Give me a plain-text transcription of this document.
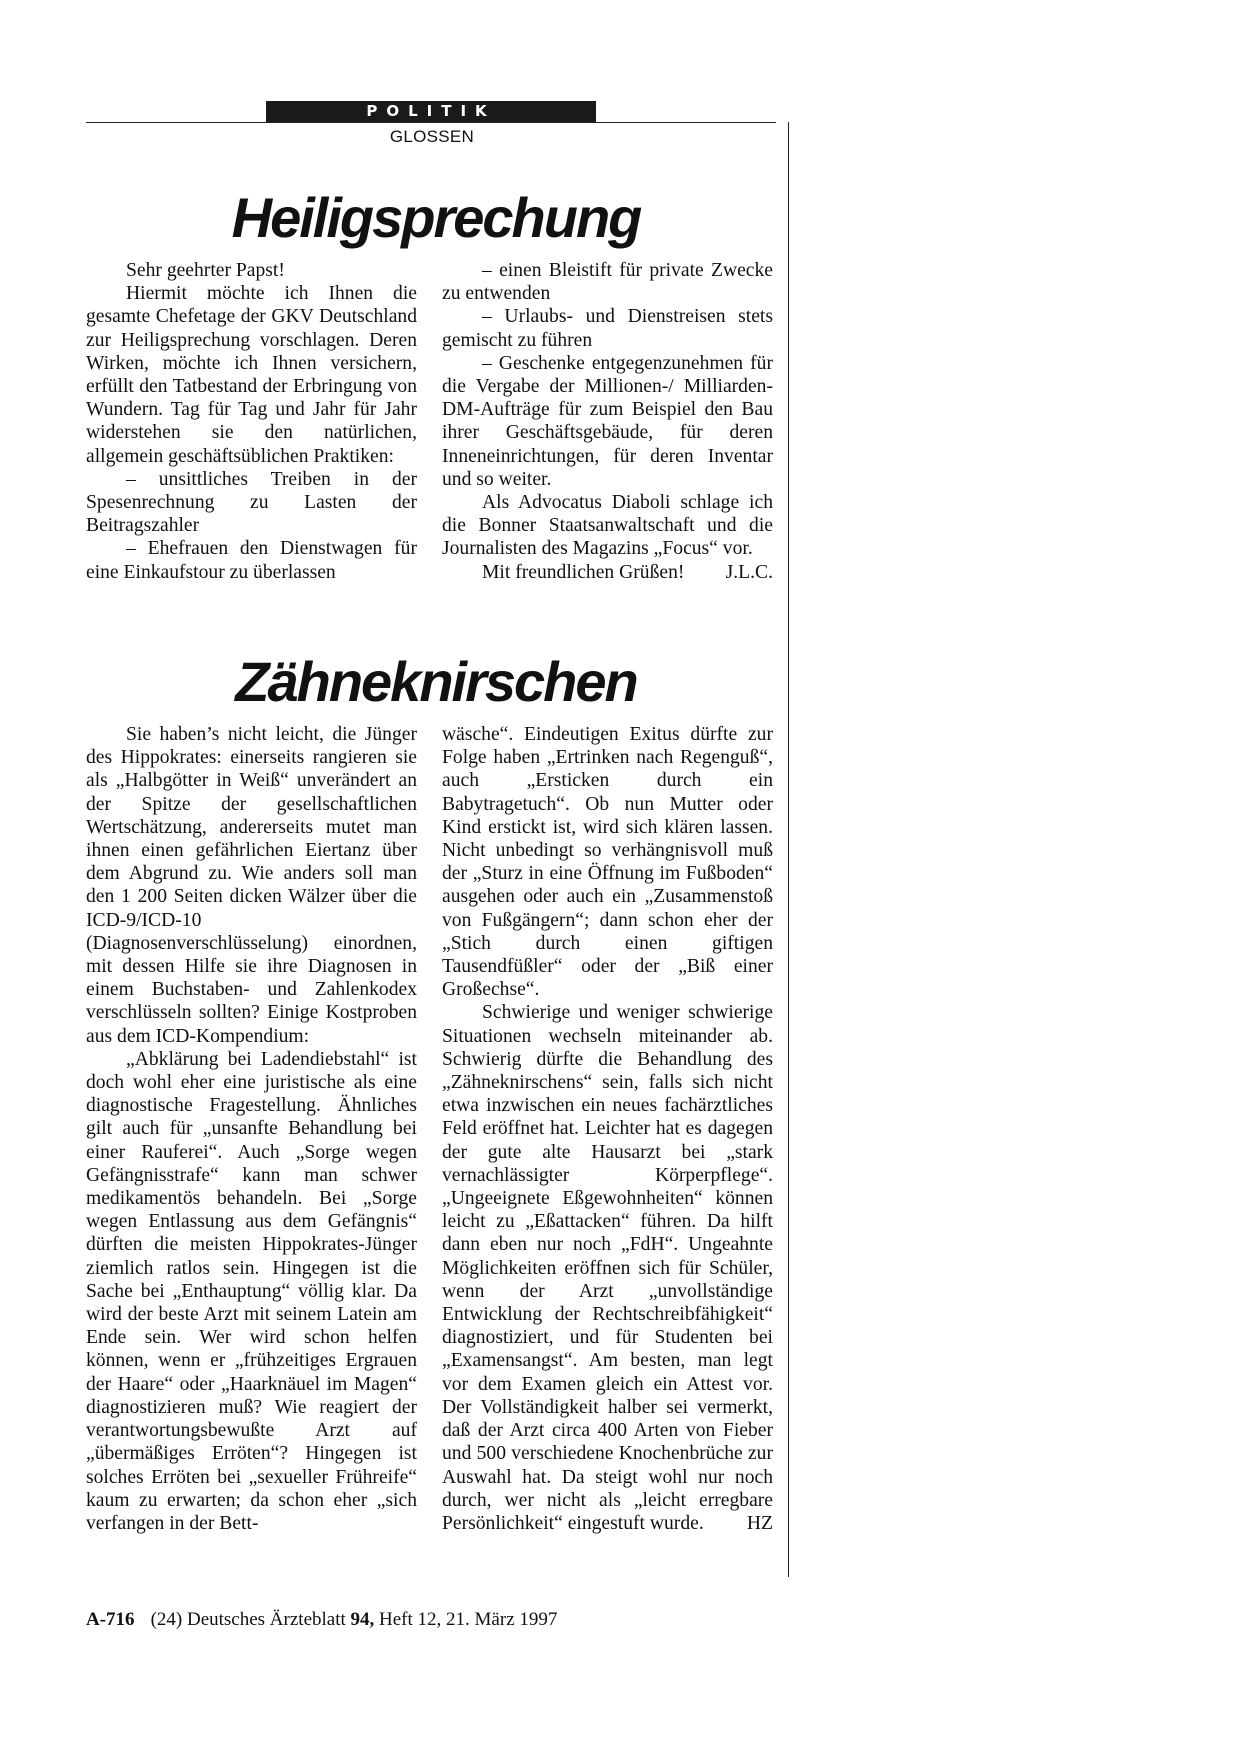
POLITIK
GLOSSEN
Heiligsprechung

Sehr geehrter Papst!

Hiermit möchte ich Ihnen die gesamte Chefetage der GKV Deutschland zur Heiligsprechung vorschlagen. Deren Wirken, möchte ich Ihnen versichern, erfüllt den Tatbestand der Erbringung von Wundern. Tag für Tag und Jahr für Jahr widerstehen sie den natürlichen, allgemein geschäftsüblichen Praktiken:

– unsittliches Treiben in der Spesenrechnung zu Lasten der Beitragszahler

– Ehefrauen den Dienstwagen für eine Einkaufstour zu überlassen

– einen Bleistift für private Zwecke zu entwenden

– Urlaubs- und Dienstreisen stets gemischt zu führen

– Geschenke entgegenzunehmen für die Vergabe der Millionen-/ Milliarden-DM-Aufträge für zum Beispiel den Bau ihrer Geschäftsgebäude, für deren Inneneinrichtungen, für deren Inventar und so weiter.

Als Advocatus Diaboli schlage ich die Bonner Staatsanwaltschaft und die Journalisten des Magazins „Focus“ vor.

Mit freundlichen Grüßen!	J.L.C.

Zähneknirschen

Sie haben’s nicht leicht, die Jünger des Hippokrates: einerseits rangieren sie als „Halbgötter in Weiß“ unverändert an der Spitze der gesellschaftlichen Wertschätzung, andererseits mutet man ihnen einen gefährlichen Eiertanz über dem Abgrund zu. Wie anders soll man den 1 200 Seiten dicken Wälzer über die ICD-9/ICD-10 (Diagnosenverschlüsselung) einordnen, mit dessen Hilfe sie ihre Diagnosen in einem Buchstaben- und Zahlenkodex verschlüsseln sollten? Einige Kostproben aus dem ICD-Kompendium:

„Abklärung bei Ladendiebstahl“ ist doch wohl eher eine juristische als eine diagnostische Fragestellung. Ähnliches gilt auch für „unsanfte Behandlung bei einer Rauferei“. Auch „Sorge wegen Gefängnisstrafe“ kann man schwer medikamentös behandeln. Bei „Sorge wegen Entlassung aus dem Gefängnis“ dürften die meisten Hippokrates-Jünger ziemlich ratlos sein. Hingegen ist die Sache bei „Enthauptung“ völlig klar. Da wird der beste Arzt mit seinem Latein am Ende sein. Wer wird schon helfen können, wenn er „frühzeitiges Ergrauen der Haare“ oder „Haarknäuel im Magen“ diagnostizieren muß? Wie reagiert der verantwortungsbewußte Arzt auf „übermäßiges Erröten“? Hingegen ist solches Erröten bei „sexueller Frühreife“ kaum zu erwarten; da schon eher „sich verfangen in der Bett-

wäsche“. Eindeutigen Exitus dürfte zur Folge haben „Ertrinken nach Regenguß“, auch „Ersticken durch ein Babytragetuch“. Ob nun Mutter oder Kind erstickt ist, wird sich klären lassen. Nicht unbedingt so verhängnisvoll muß der „Sturz in eine Öffnung im Fußboden“ ausgehen oder auch ein „Zusammenstoß von Fußgängern“; dann schon eher der „Stich durch einen giftigen Tausendfüßler“ oder der „Biß einer Großechse“.

Schwierige und weniger schwierige Situationen wechseln miteinander ab. Schwierig dürfte die Behandlung des „Zähneknirschens“ sein, falls sich nicht etwa inzwischen ein neues fachärztliches Feld eröffnet hat. Leichter hat es dagegen der gute alte Hausarzt bei „stark vernachlässigter Körperpflege“. „Ungeeignete Eßgewohnheiten“ können leicht zu „Eßattacken“ führen. Da hilft dann eben nur noch „FdH“. Ungeahnte Möglichkeiten eröffnen sich für Schüler, wenn der Arzt „unvollständige Entwicklung der Rechtschreibfähigkeit“ diagnostiziert, und für Studenten bei „Examensangst“. Am besten, man legt vor dem Examen gleich ein Attest vor. Der Vollständigkeit halber sei vermerkt, daß der Arzt circa 400 Arten von Fieber und 500 verschiedene Knochenbrüche zur Auswahl hat. Da steigt wohl nur noch durch, wer nicht als „leicht erregbare Persönlichkeit“ eingestuft wurde.	HZ

A-716 (24) Deutsches Ärzteblatt 94, Heft 12, 21. März 1997
